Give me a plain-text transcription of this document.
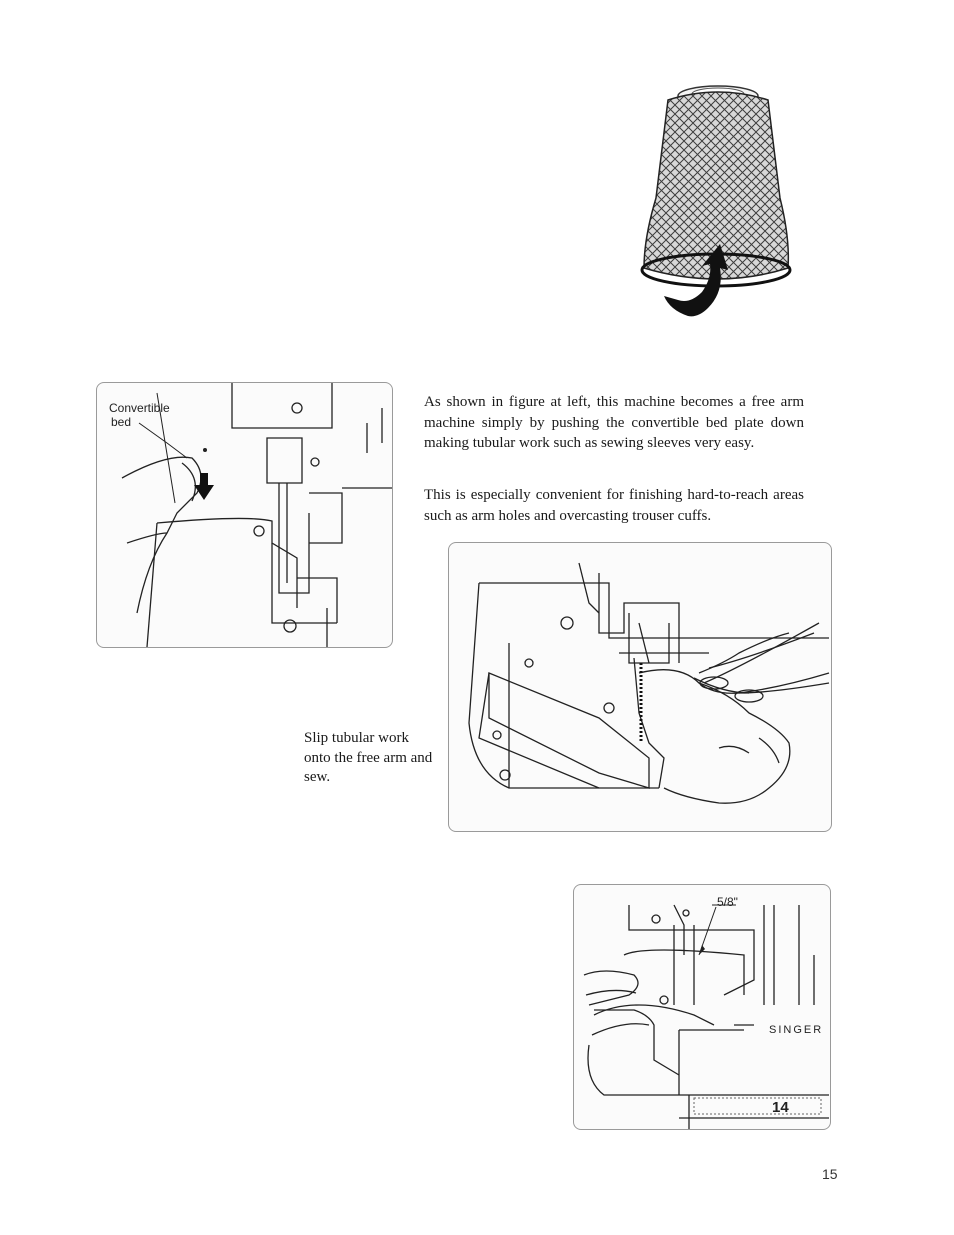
Convertible
bed

As shown in figure at left, this machine becomes a free arm machine simply by pushing the convertible bed plate down making tubular work such as sewing sleeves very easy.

This is especially convenient for finishing hard-to-reach areas such as arm holes and overcasting trouser cuffs.

Slip tubular work onto the free arm and sew.

5/8"
SINGER
14
15
